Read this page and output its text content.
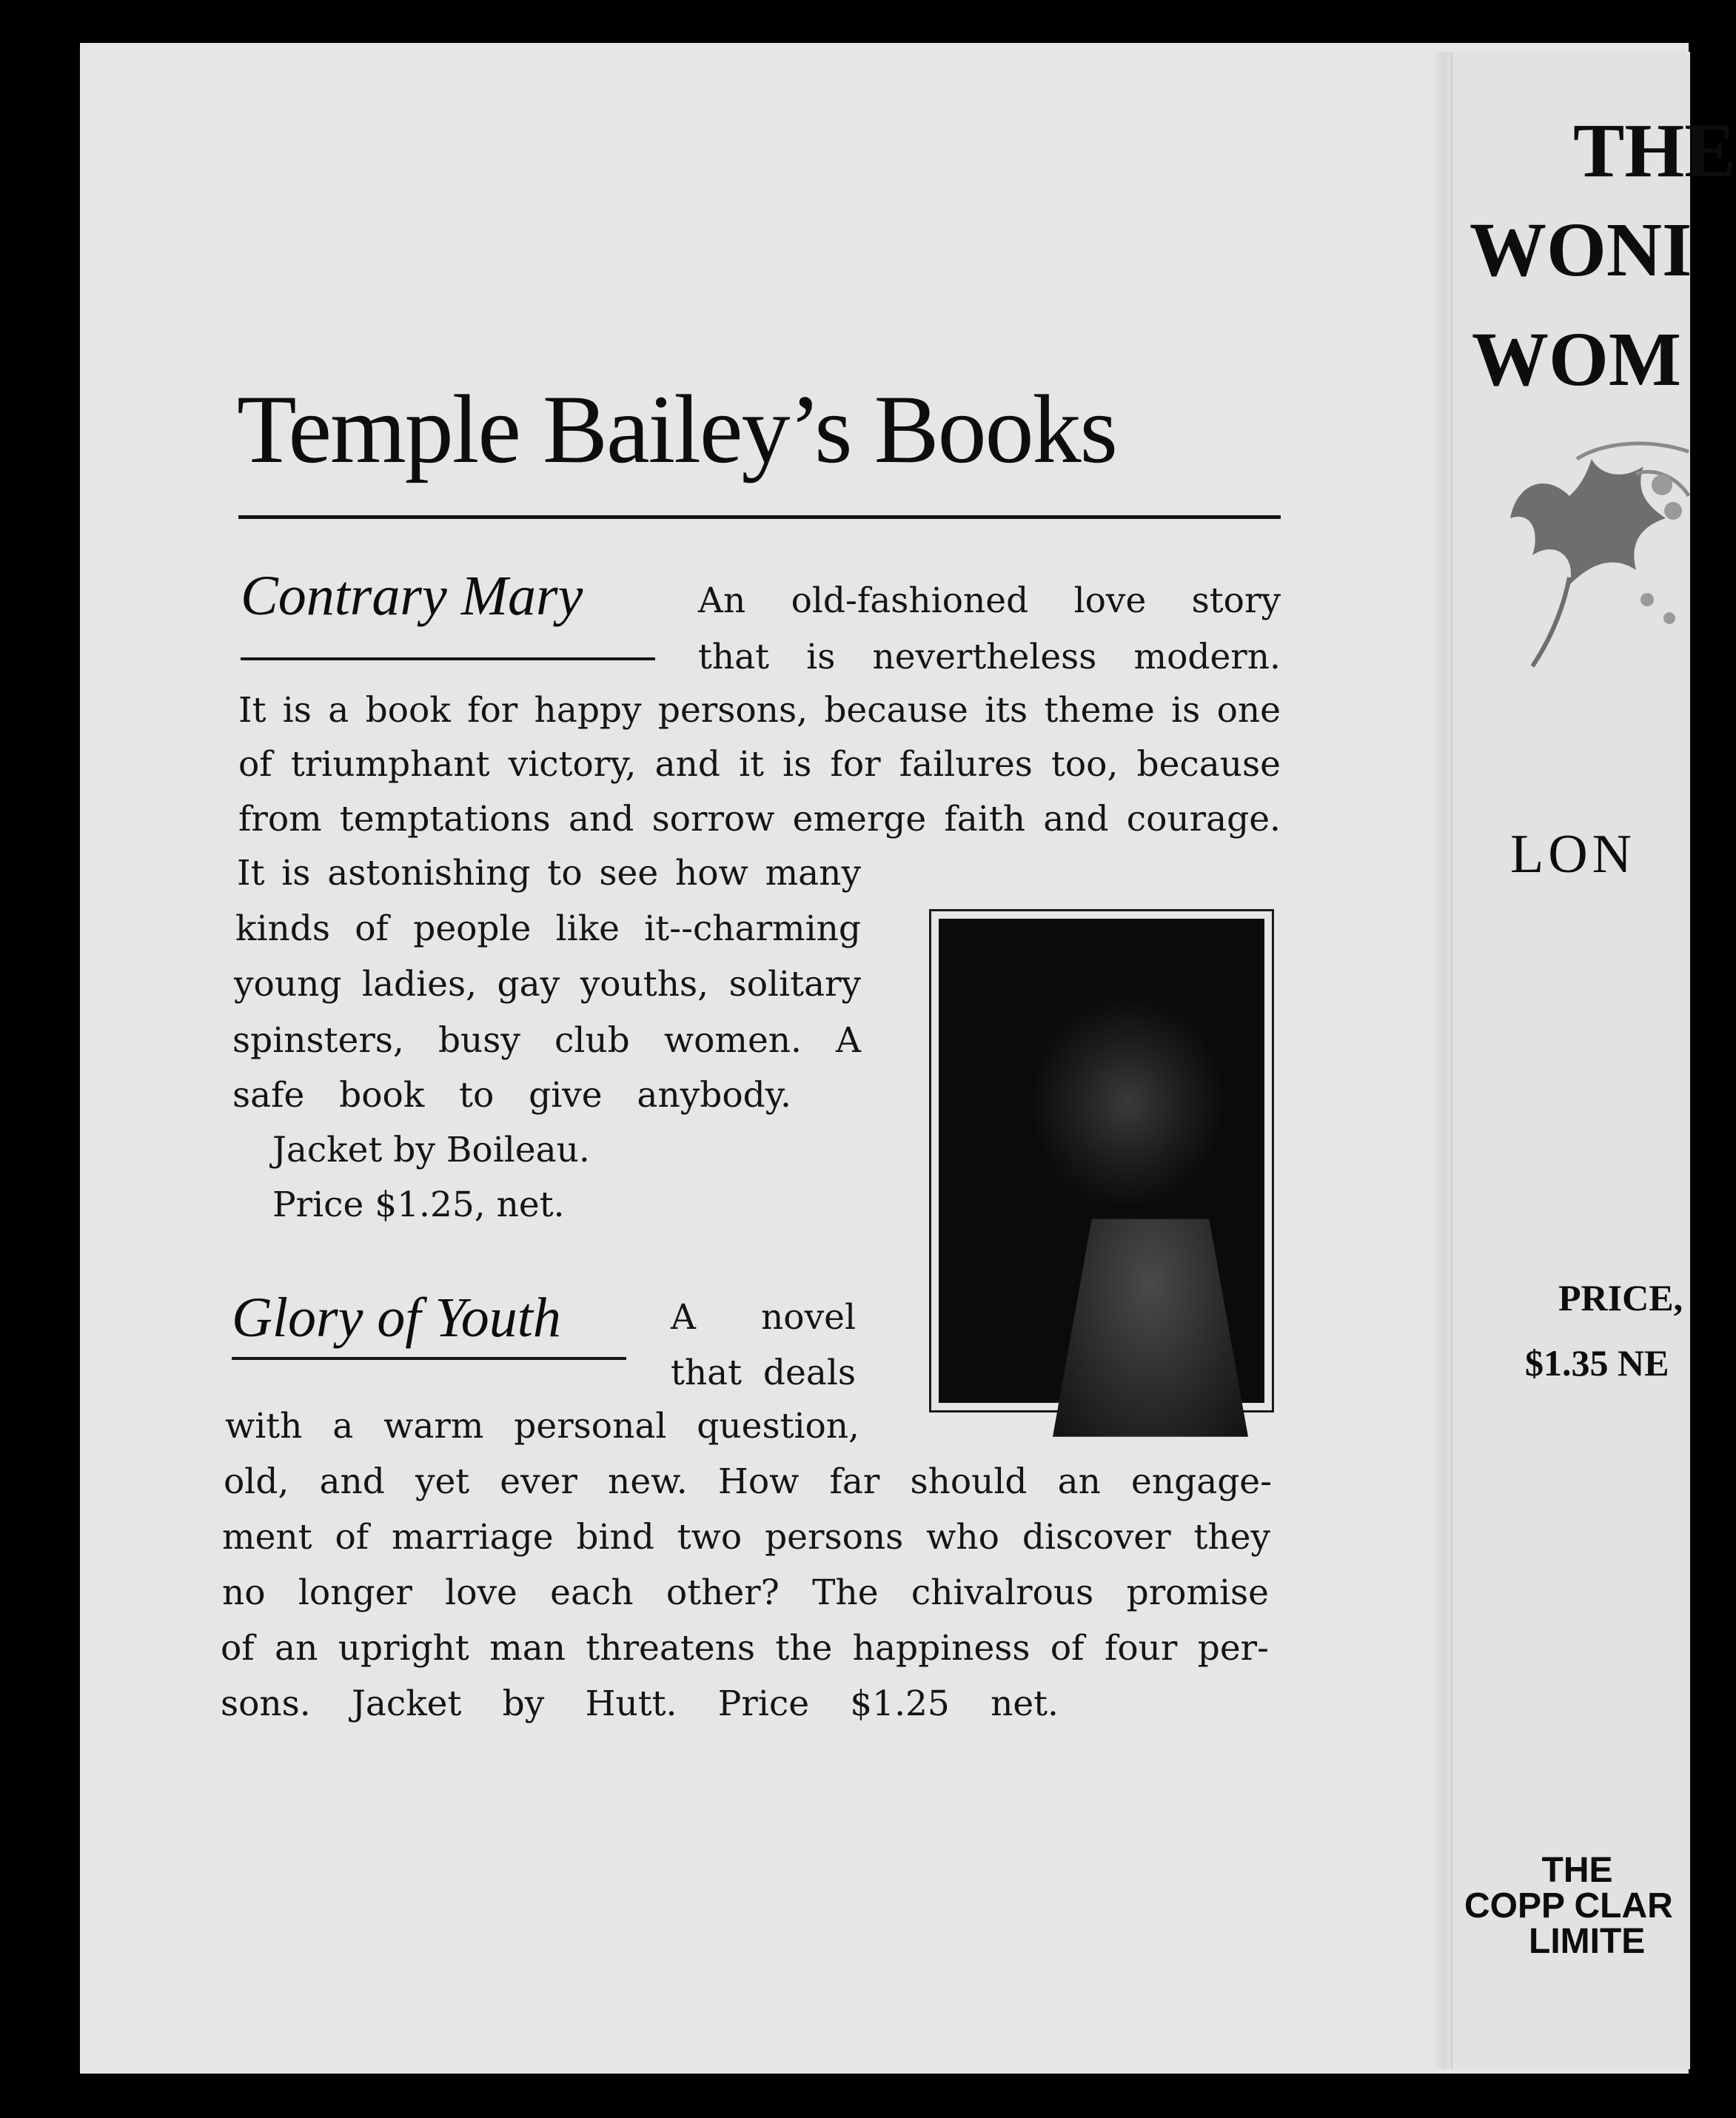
Temple Bailey’s Books
Contrary Mary	An old-fashioned love story
that is nevertheless modern.
It is a book for happy persons, because its theme is one
of triumphant victory, and it is for failures too, because
from temptations and sorrow emerge faith and courage.
It is astonishing to see how many
kinds of people like it--charming
young ladies, gay youths, solitary
spinsters, busy club women. A
safe book to give anybody.
Jacket by Boileau.
Price $1.25, net.
Glory of Youth	A novel
that deals
with a warm personal question,
old, and yet ever new. How far should an engage-
ment of marriage bind two persons who discover they
no longer love each other? The chivalrous promise
of an upright man threatens the happiness of four per-
sons. Jacket by Hutt. Price $1.25 net.
THE
WONI
WOM
LON
PRICE,
$1.35 NE
THE
COPP CLAR
LIMITE
